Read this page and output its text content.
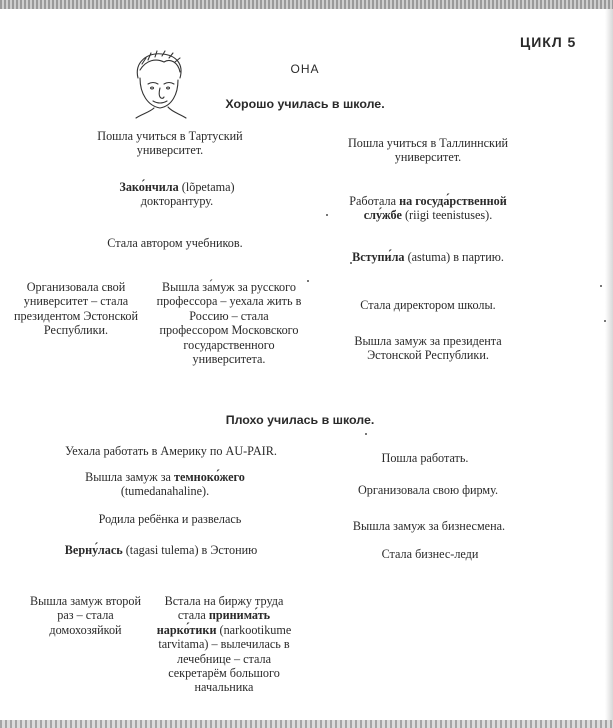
ЦИКЛ 5
ОНА
Хорошо училась в школе.
Пошла учиться в Тартуский университет.
Зако́нчила (lõpetama) докторантуру.
Стала автором учебников.
Организовала свой университет – стала президентом Эстонской Республики.
Вышла за́муж за русского профессора – уехала жить в Россию – стала профессором Московского государственного университета.
Пошла учиться в Таллиннский университет.
Работала на госуда́рственной слу́жбе (riigi teenistuses).
Вступи́ла (astuma) в партию.
Стала директором школы.
Вышла замуж за президента Эстонской Республики.
Плохо училась в школе.
Уехала работать в Америку по AU-PAIR.
Вышла замуж за темноко́жего (tumedanahaline).
Родила ребёнка и развелась
Верну́лась (tagasi tulema) в Эстонию
Вышла замуж второй раз – стала домохозяйкой
Встала на биржу труда стала принима́ть нарко́тики (narkootikume tarvitama) – вылечилась в лечебнице – стала секретарём большого начальника
Пошла работать.
Организовала свою фирму.
Вышла замуж за бизнесмена.
Стала бизнес-леди
